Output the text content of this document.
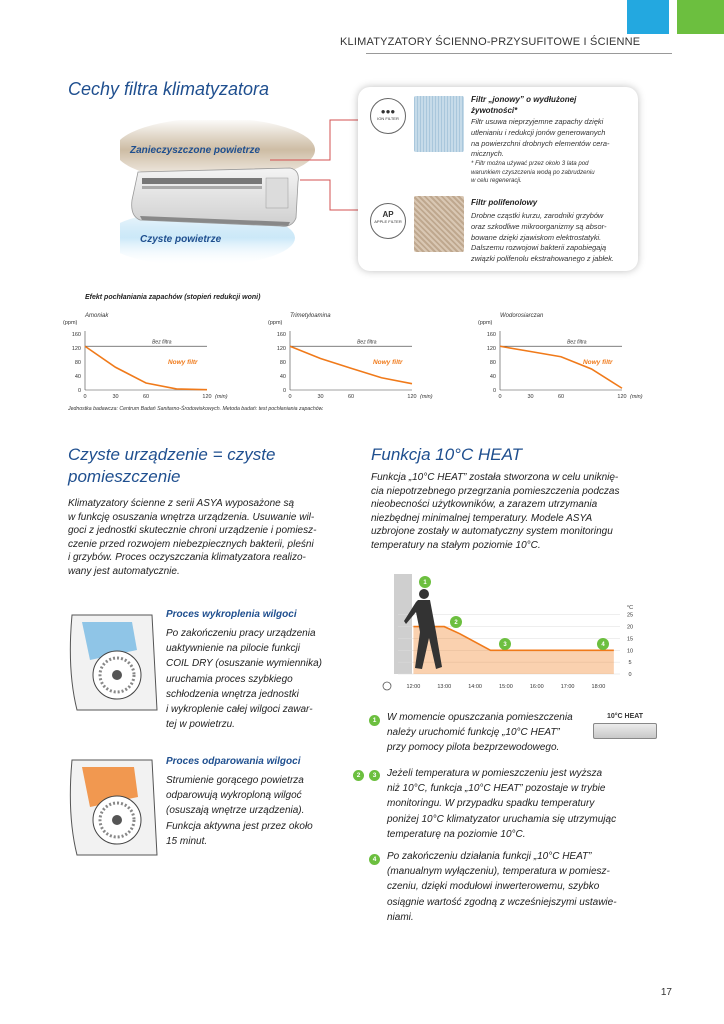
KLIMATYZATORY ŚCIENNO-PRZYSUFITOWE I ŚCIENNE
Cechy filtra klimatyzatora
Zanieczyszczone powietrze
Czyste powietrze
●●●
ION FILTER
Filtr „jonowy” o wydłużonej
żywotności*
Filtr usuwa nieprzyjemne zapachy dzięki
utlenianiu i redukcji jonów generowanych
na powierzchni drobnych elementów cera-
micznych.
* Filtr można używać przez około 3 lata pod
warunkiem czyszczenia wodą po zabrudzeniu
w celu regeneracji.
AP
APPLE FILTER
Filtr polifenolowy
Drobne cząstki kurzu, zarodniki grzybów
oraz szkodliwe mikroorganizmy są absor-
bowane dzięki zjawiskom elektrostatyki.
Dalszemu rozwojowi bakterii zapobiegają
związki polifenolu ekstrahowanego z jabłek.
Efekt pochłaniania zapachów (stopień redukcji woni)
Amoniak
(ppm)
0
40
80
120
160
0	30	60	120 (min)
Bez filtra
Nowy filtr
Trimetyloamina
(ppm)
0
40
80
120
160
0	30	60	120 (min)
Bez filtra
Nowy filtr
Wodorosiarczan
(ppm)
0
40
80
120
160
0	30	60	120 (min)
Bez filtra
Nowy filtr
Jednostka badawcza: Centrum Badań Sanitarno-Środowiskowych. Metoda badań: test pochłaniania zapachów.
Czyste urządzenie = czyste
pomieszczenie
Klimatyzatory ścienne z serii ASYA wyposażone są
w funkcję osuszania wnętrza urządzenia. Usuwanie wil-
goci z jednostki skutecznie chroni urządzenie i pomiesz-
czenie przed rozwojem niebezpiecznych bakterii, pleśni
i grzybów. Proces oczyszczania klimatyzatora realizo-
wany jest automatycznie.
Proces wykroplenia wilgoci
Po zakończeniu pracy urządzenia
uaktywnienie na pilocie funkcji
COIL DRY (osuszanie wymiennika)
uruchamia proces szybkiego
schłodzenia wnętrza jednostki
i wykroplenie całej wilgoci zawar-
tej w powietrzu.
Proces odparowania wilgoci
Strumienie gorącego powietrza
odparowują wykroploną wilgoć
(osuszają wnętrze urządzenia).
Funkcja aktywna jest przez około
15 minut.
Funkcja 10°C HEAT
Funkcja „10°C HEAT” została stworzona w celu uniknię-
cia niepotrzebnego przegrzania pomieszczenia podczas
nieobecności użytkowników, a zarazem utrzymania
niezbędnej minimalnej temperatury. Modele ASYA
uzbrojone zostały w automatyczny system monitoringu
temperatury na stałym poziomie 10°C.
0
5
10
15
20
25
°C
12:00	13:00	14:00	15:00	16:00	17:00	18:00
1
2
3	4
1	W momencie opuszczania pomieszczenia
należy uruchomić funkcję „10°C HEAT”
przy pomocy pilota bezprzewodowego.
10°C HEAT
2	3	Jeżeli temperatura w pomieszczeniu jest wyższa
niż 10°C, funkcja „10°C HEAT” pozostaje w trybie
monitoringu. W przypadku spadku temperatury
poniżej 10°C klimatyzator uruchamia się utrzymując
temperaturę na poziomie 10°C.
4	Po zakończeniu działania funkcji „10°C HEAT”
(manualnym wyłączeniu), temperatura w pomiesz-
czeniu, dzięki modułowi inwerterowemu, szybko
osiągnie wartość zgodną z wcześniejszymi ustawie-
niami.
17
